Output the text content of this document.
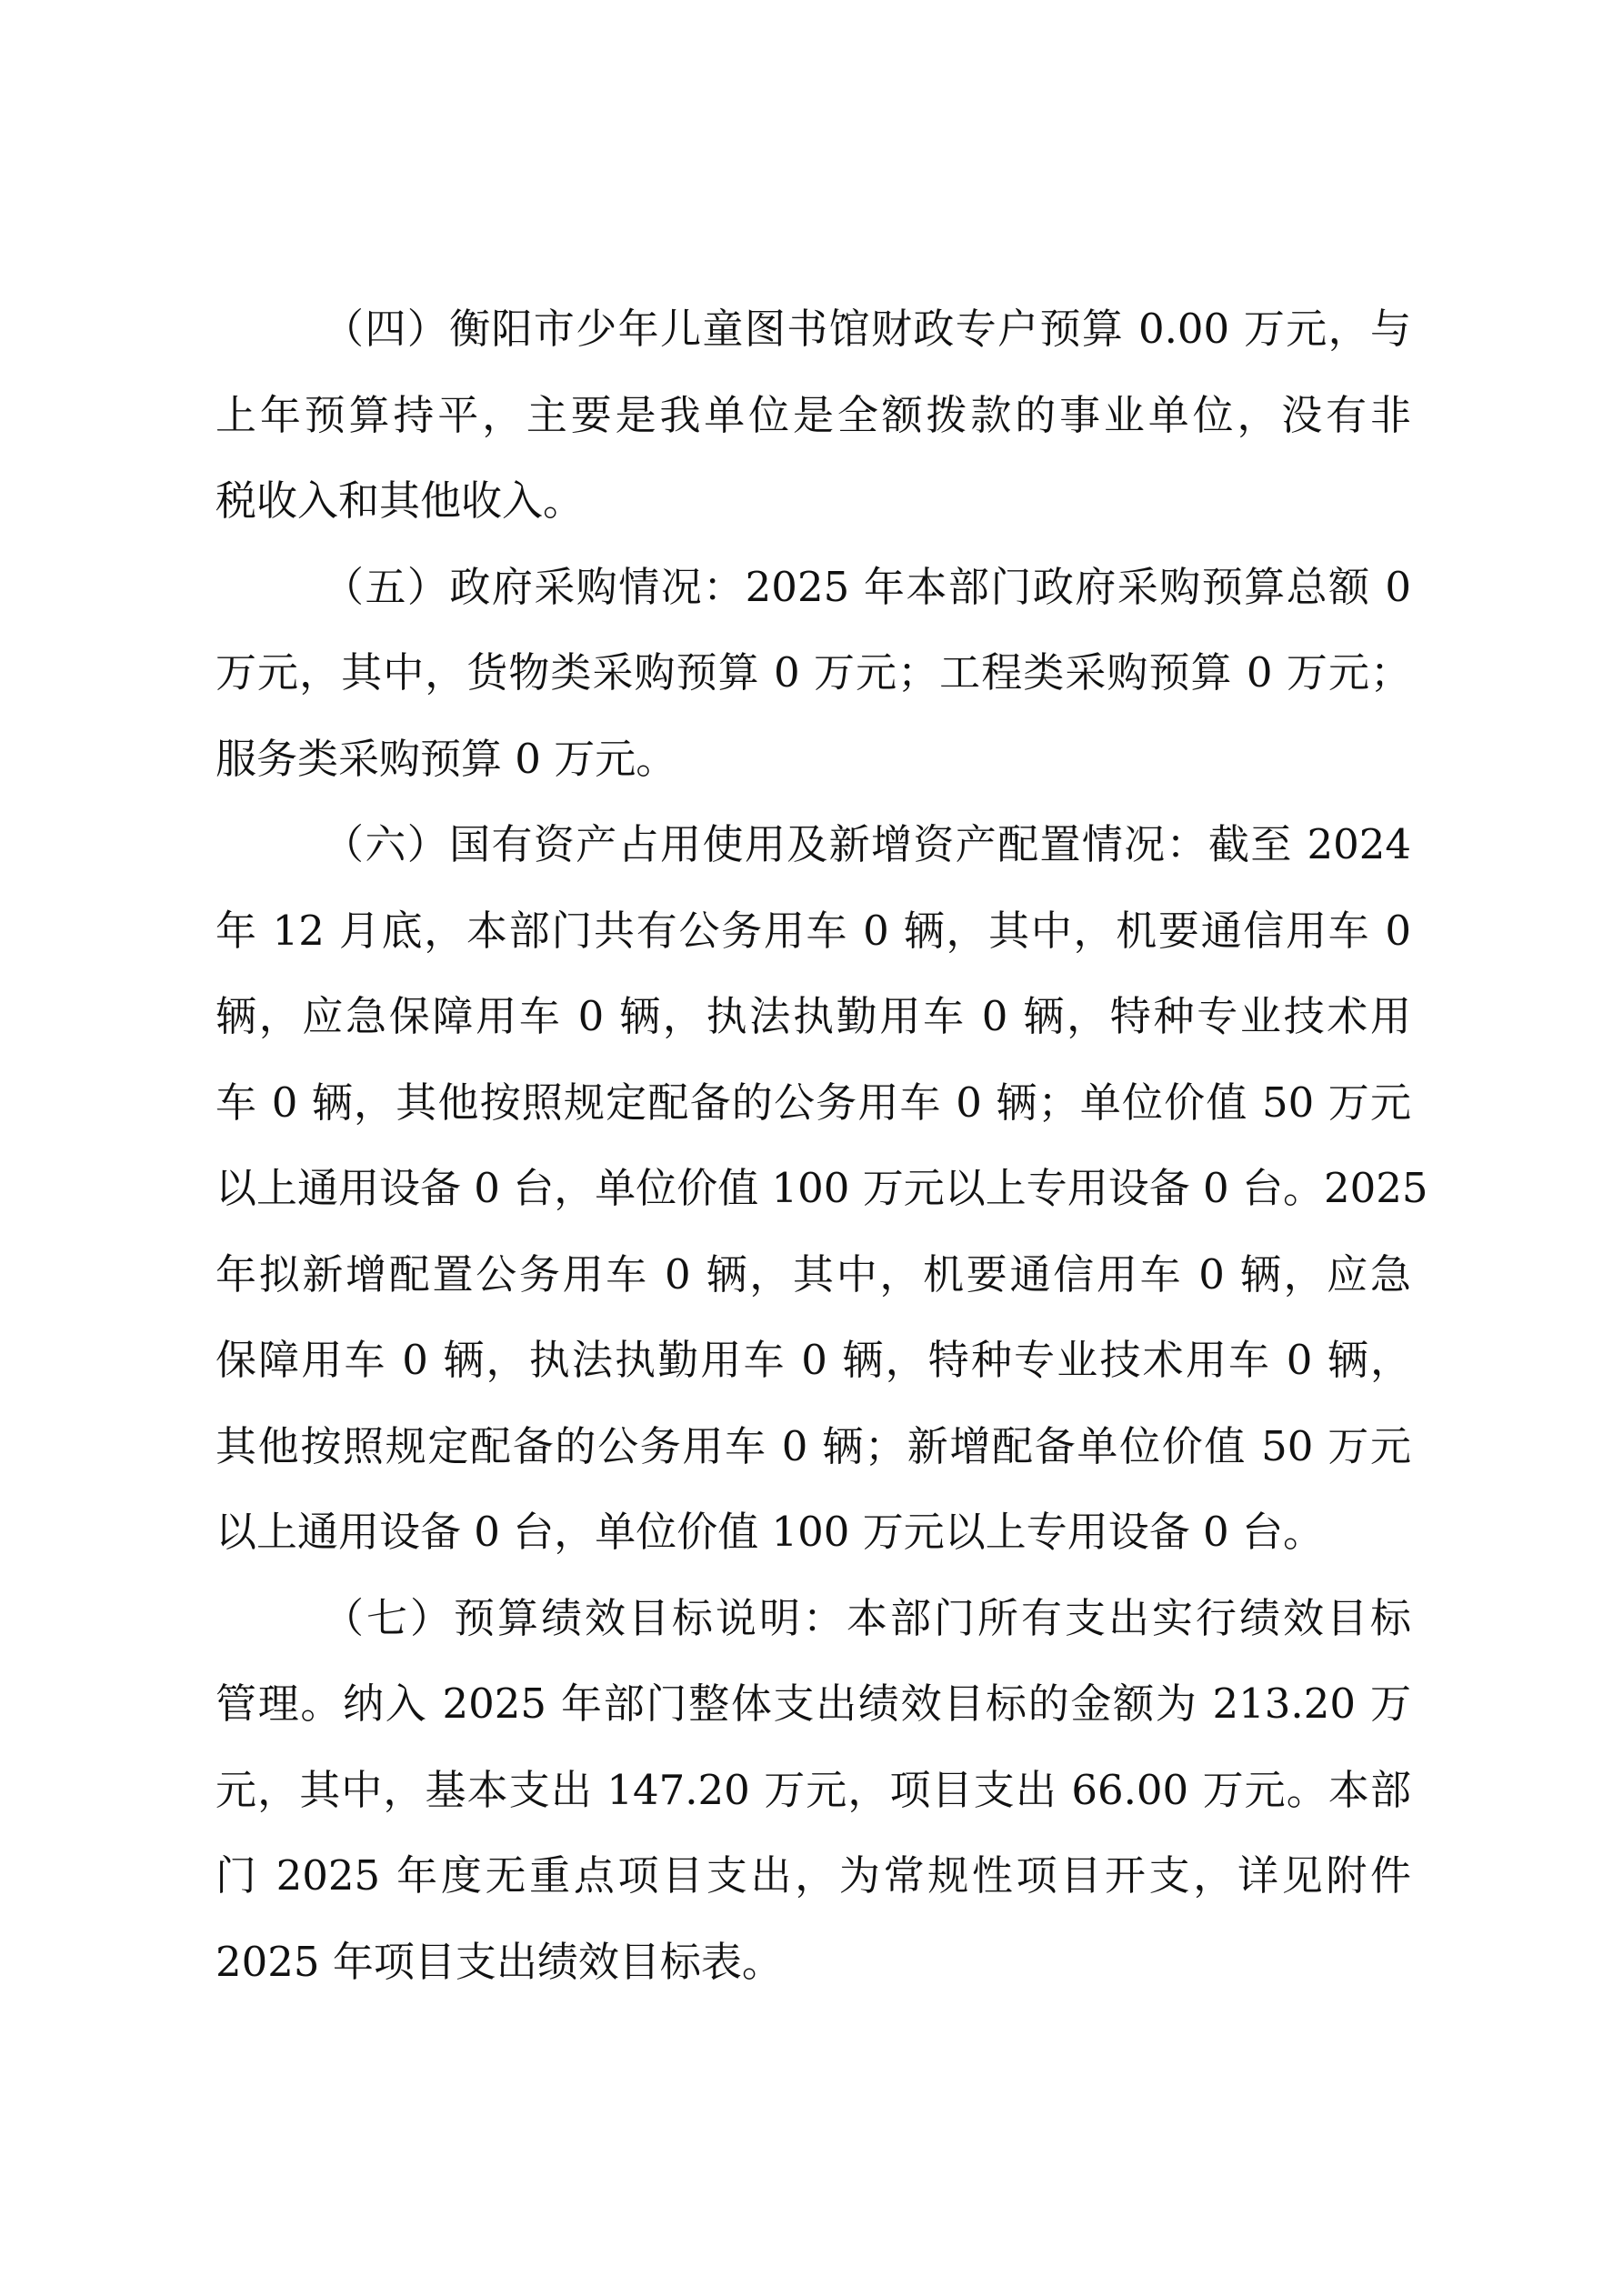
（四）衡阳市少年儿童图书馆财政专户预算 0.00 万元，与
上年预算持平，主要是我单位是全额拨款的事业单位，没有非
税收入和其他收入。
（五）政府采购情况：2025 年本部门政府采购预算总额 0
万元，其中，货物类采购预算 0 万元；工程类采购预算 0 万元；
服务类采购预算 0 万元。
（六）国有资产占用使用及新增资产配置情况：截至 2024
年 12 月底，本部门共有公务用车 0 辆，其中，机要通信用车 0
辆，应急保障用车 0 辆，执法执勤用车 0 辆，特种专业技术用
车 0 辆，其他按照规定配备的公务用车 0 辆；单位价值 50 万元
以上通用设备 0 台，单位价值 100 万元以上专用设备 0 台。2025
年拟新增配置公务用车 0 辆，其中，机要通信用车 0 辆，应急
保障用车 0 辆，执法执勤用车 0 辆，特种专业技术用车 0 辆，
其他按照规定配备的公务用车 0 辆；新增配备单位价值 50 万元
以上通用设备 0 台，单位价值 100 万元以上专用设备 0 台。
（七）预算绩效目标说明：本部门所有支出实行绩效目标
管理。纳入 2025 年部门整体支出绩效目标的金额为 213.20 万
元，其中，基本支出 147.20 万元，项目支出 66.00 万元。本部
门 2025 年度无重点项目支出，为常规性项目开支，详见附件
2025 年项目支出绩效目标表。
